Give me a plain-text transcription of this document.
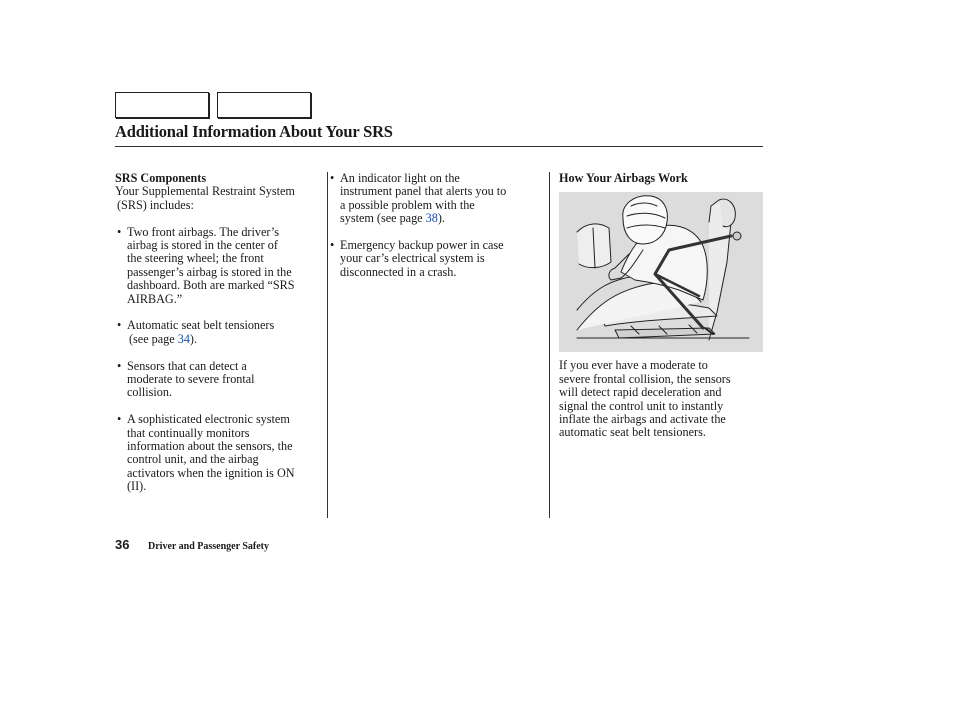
Additional Information About Your SRS

SRS Components

Your Supplemental Restraint System

(SRS) includes:

• Two front airbags. The driver’s
airbag is stored in the center of
the steering wheel; the front
passenger’s airbag is stored in the
dashboard. Both are marked “SRS
AIRBAG.”
• Automatic seat belt tensioners
(see page 34).
• Sensors that can detect a
moderate to severe frontal
collision.
• A sophisticated electronic system
that continually monitors
information about the sensors, the
control unit, and the airbag
activators when the ignition is ON
(II).
• An indicator light on the
instrument panel that alerts you to
a possible problem with the
system (see page 38).
• Emergency backup power in case
your car’s electrical system is
disconnected in a crash.

How Your Airbags Work

If you ever have a moderate to
severe frontal collision, the sensors
will detect rapid deceleration and
signal the control unit to instantly
inflate the airbags and activate the
automatic seat belt tensioners.
36 Driver and Passenger Safety
